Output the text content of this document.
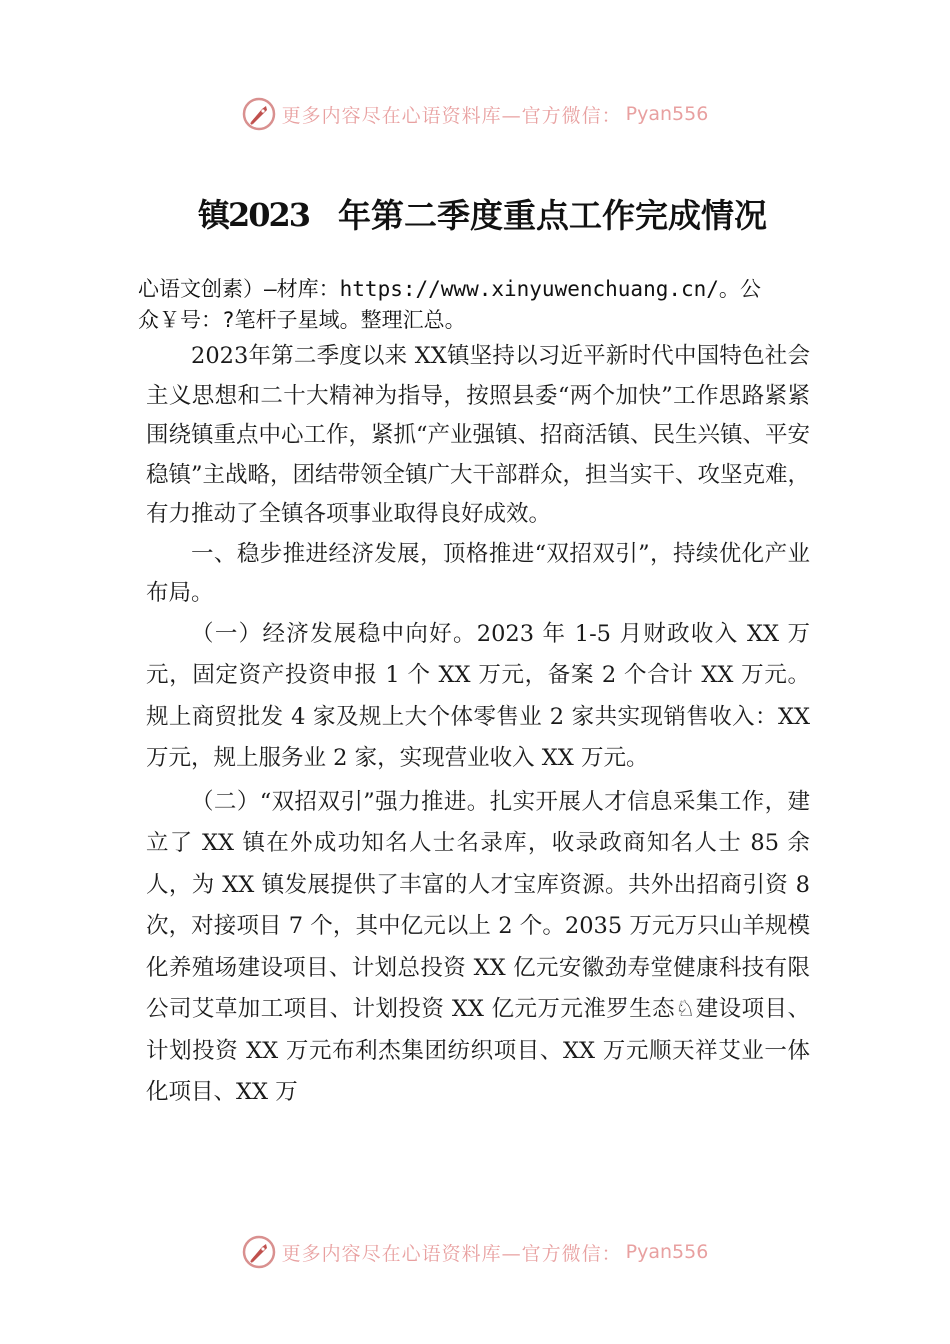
更多内容尽在心语资料库—官方微信： Pyan556
镇2023 年第二季度重点工作完成情况
心语文创素）—材库：https://www.xinyuwenchuang.cn/。公
众￥号：?笔杆子星域。整理汇总。

2023年第二季度以来 XX镇坚持以习近平新时代中国特色社会主义思想和二十大精神为指导，按照县委“两个加快”工作思路紧紧围绕镇重点中心工作，紧抓“产业强镇、招商活镇、民生兴镇、平安稳镇”主战略，团结带领全镇广大干部群众，担当实干、攻坚克难，有力推动了全镇各项事业取得良好成效。

一、稳步推进经济发展，顶格推进“双招双引”，持续优化产业布局。

（一）经济发展稳中向好。2023 年 1-5 月财政收入 XX 万元，固定资产投资申报 1 个 XX 万元，备案 2 个合计 XX 万元。规上商贸批发 4 家及规上大个体零售业 2 家共实现销售收入：XX 万元，规上服务业 2 家，实现营业收入 XX 万元。

（二）“双招双引”强力推进。扎实开展人才信息采集工作，建立了 XX 镇在外成功知名人士名录库，收录政商知名人士 85 余人，为 XX 镇发展提供了丰富的人才宝库资源。共外出招商引资 8 次，对接项目 7 个，其中亿元以上 2 个。2035 万元万只山羊规模化养殖场建设项目、计划总投资 XX 亿元安徽劲寿堂健康科技有限公司艾草加工项目、计划投资 XX 亿元万元淮罗生态♘建设项目、计划投资 XX 万元布利杰集团纺织项目、XX 万元顺天祥艾业一体化项目、XX 万

更多内容尽在心语资料库—官方微信： Pyan556
